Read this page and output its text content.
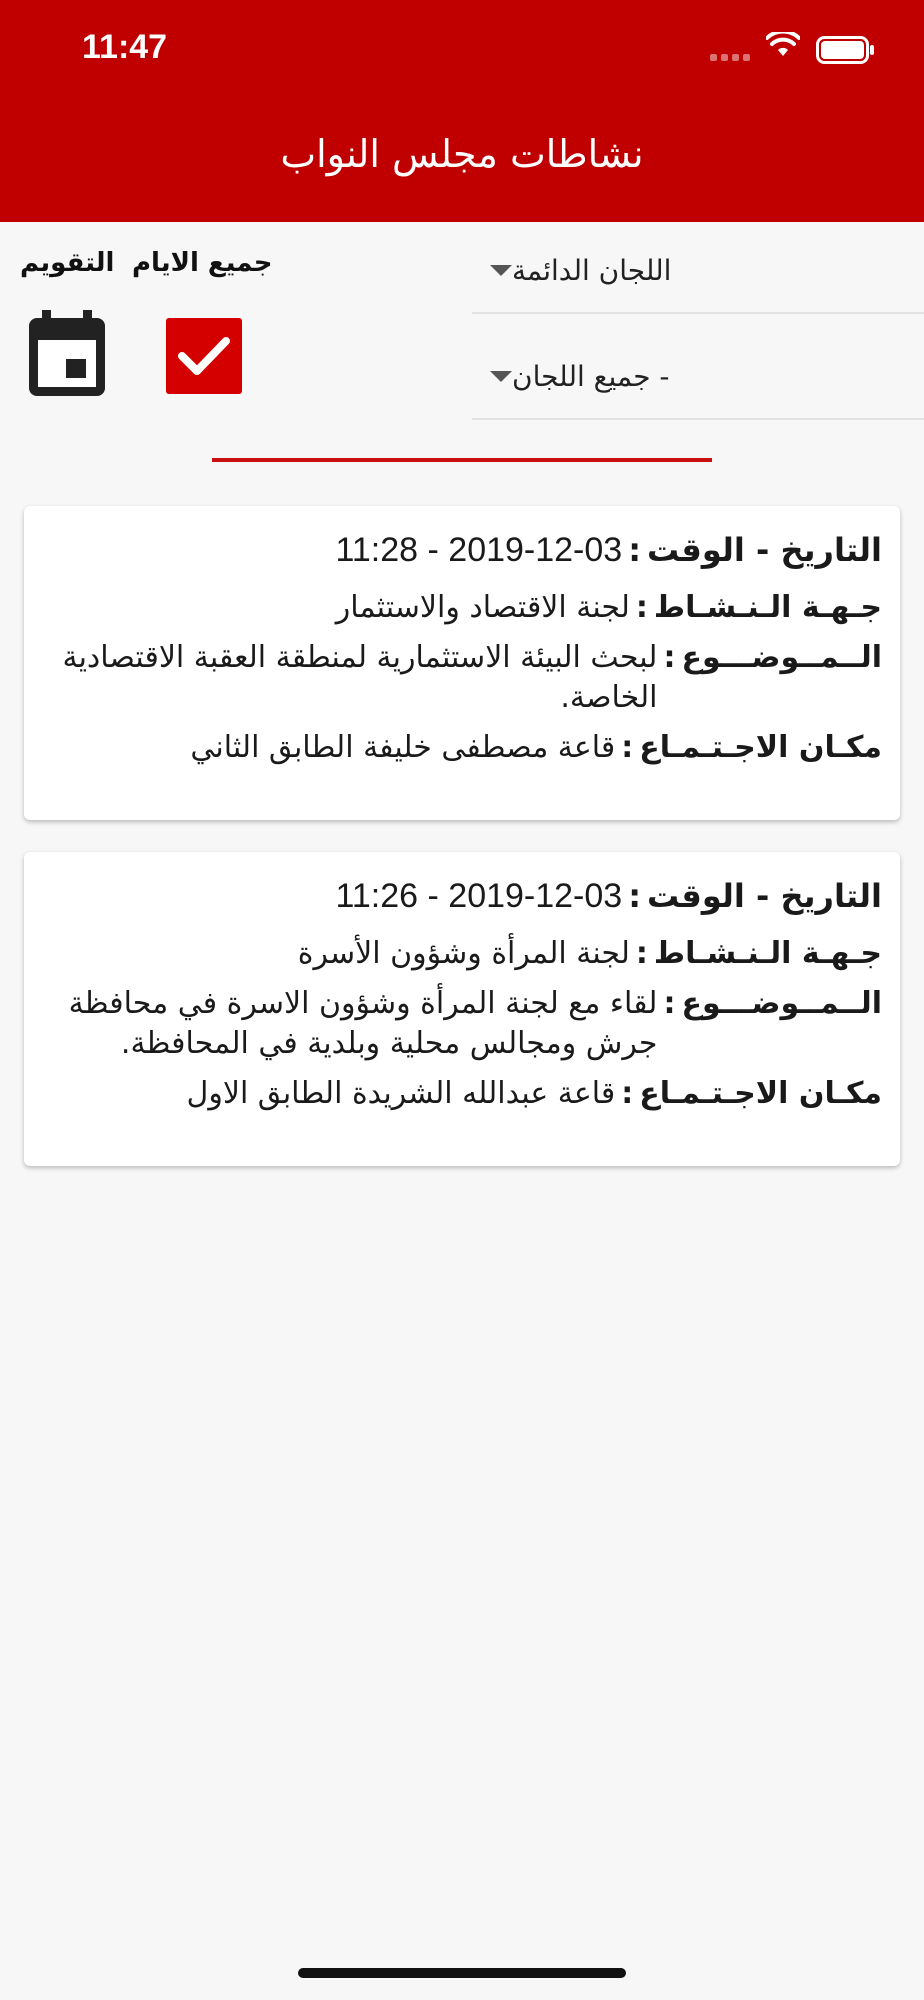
11:47
نشاطات مجلس النواب
اللجان الدائمة
- جميع اللجان
جميع الايام
التقويم
التاريخ - الوقت
:
2019-12-03 - 11:28
جـهـة الـنـشـاط
:
لجنة الاقتصاد والاستثمار
الــمــوضـــوع
:
لبحث البيئة الاستثمارية لمنطقة العقبة الاقتصادية الخاصة.
مكـان الاجـتـمـاع
:
قاعة مصطفى خليفة الطابق الثاني
التاريخ - الوقت
:
2019-12-03 - 11:26
جـهـة الـنـشـاط
:
لجنة المرأة وشؤون الأسرة
الــمــوضـــوع
:
لقاء مع لجنة المرأة وشؤون الاسرة في محافظة جرش ومجالس محلية وبلدية في المحافظة.
مكـان الاجـتـمـاع
:
قاعة عبدالله الشريدة الطابق الاول
